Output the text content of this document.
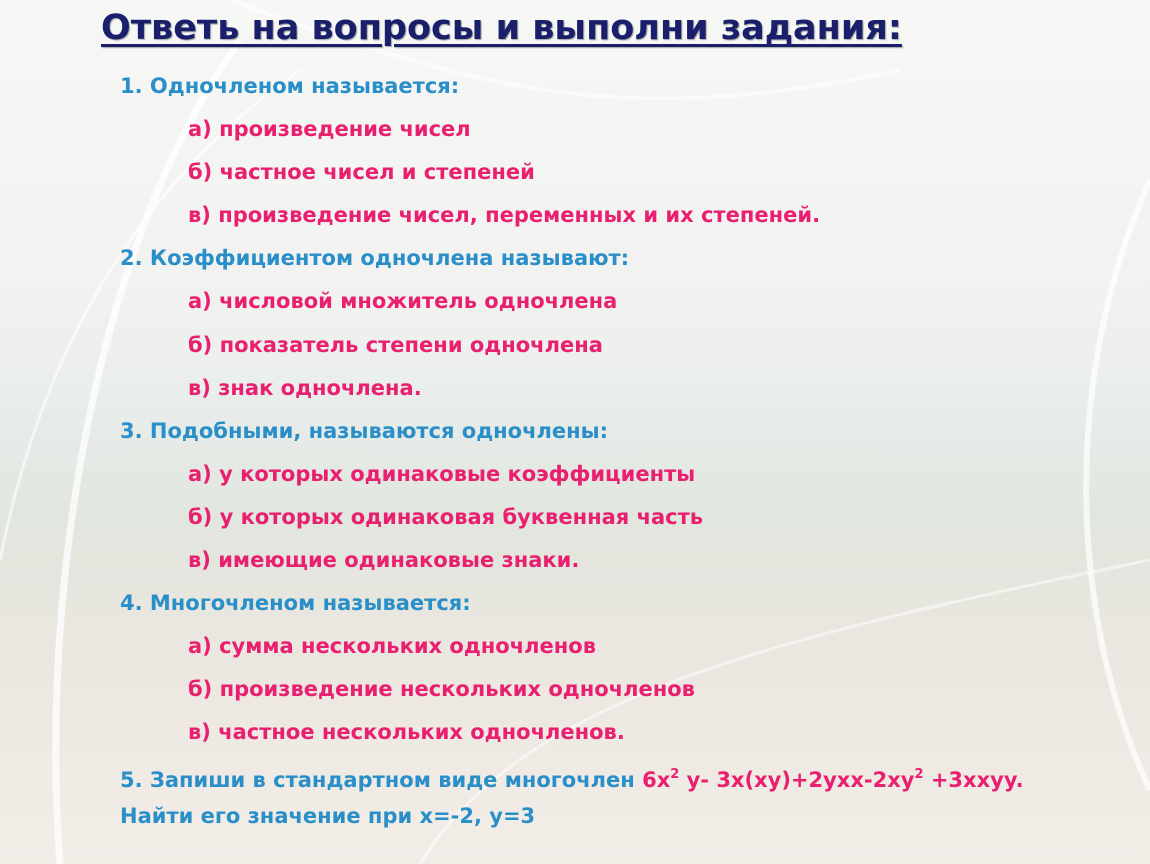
Ответь на вопросы и выполни задания:

1. Одночленом называется:

а) произведение чисел

б) частное чисел и степеней

в) произведение чисел, переменных и их степеней.

2. Коэффициентом одночлена называют:

а) числовой множитель одночлена

б) показатель степени одночлена

в) знак одночлена.

3. Подобными, называются одночлены:

а) у которых одинаковые коэффициенты

б) у которых одинаковая буквенная часть

в) имеющие одинаковые знаки.

4. Многочленом называется:

а) сумма нескольких одночленов

б) произведение нескольких одночленов

в) частное нескольких одночленов.

5. Запиши в стандартном виде многочлен $6х^2$ у- $3х(ху)+2ухх-2ху^2$ +3xxyy. Найти его значение при х=-2, у=3
